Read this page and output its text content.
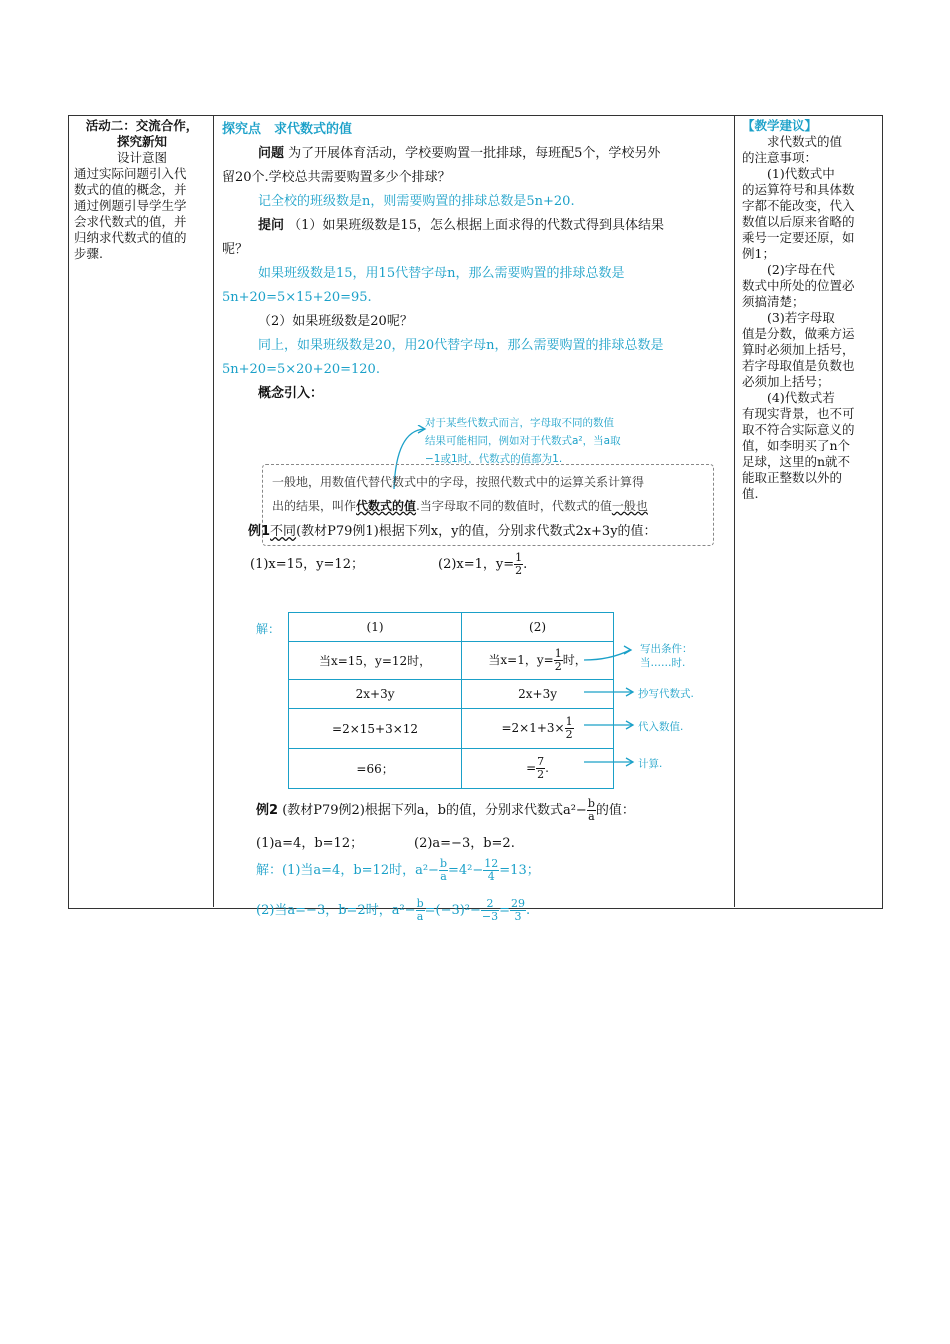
活动二：交流合作，
探究新知
设计意图
通过实际问题引入代
数式的值的概念，并
通过例题引导学生学
会求代数式的值，并
归纳求代数式的值的
步骤.
【教学建议】
求代数式的值
的注意事项：
(1)代数式中
的运算符号和具体数
字都不能改变，代入
数值以后原来省略的
乘号一定要还原，如
例1；
(2)字母在代
数式中所处的位置必
须搞清楚；
(3)若字母取
值是分数，做乘方运
算时必须加上括号，
若字母取值是负数也
必须加上括号；
(4)代数式若
有现实背景，也不可
取不符合实际意义的
值，如李明买了n个
足球，这里的n就不
能取正整数以外的
值.
探究点　求代数式的值
问题 为了开展体育活动，学校要购置一批排球，每班配5个，学校另外
留20个.学校总共需要购置多少个排球？
记全校的班级数是n，则需要购置的排球总数是5n+20.
提问 （1）如果班级数是15，怎么根据上面求得的代数式得到具体结果
呢？
如果班级数是15，用15代替字母n，那么需要购置的排球总数是
5n+20=5×15+20=95.
（2）如果班级数是20呢？
同上，如果班级数是20，用20代替字母n，那么需要购置的排球总数是
5n+20=5×20+20=120.
概念引入：
对于某些代数式而言，字母取不同的数值
结果可能相同，例如对于代数式a²，当a取
−1或1时，代数式的值都为1.
一般地，用数值代替代数式中的字母，按照代数式中的运算关系计算得
出的结果，叫作代数式的值.当字母取不同的数值时，代数式的值一般也
例1不同(教材P79例1)根据下列x，y的值，分别求代数式2x+3y的值：
(1)x=15，y=12；	(2)x=1，$y= \frac{1}{2}$ .
解：	(1)	(2)
当x=15，y=12时，	当x=1，$y= \frac{1}{2}$ 时，
2x+3y	2x+3y
=2×15+3×12	$=2\times 1+3\times \frac{1}{2}$

=66；	= $\frac{7}{2}$ .
写出条件：
当……时.
抄写代数式.
代入数值.
计算.
例2 (教材P79例2)根据下列a，b的值，分别求代数式$a^2- \frac{b}{a}$ 的值：
(1)a=4，b=12；	(2)a=−3，b=2.
解：(1)当a=4，b=12时，$a^2- \frac{b}{a} =4^2- \frac{12}{4} =13$；
(2)当a=−3，b=2时，$a^2- \frac{b}{a} =(-3)^2- \frac{2}{-3} = \frac{29}{3}$ .
